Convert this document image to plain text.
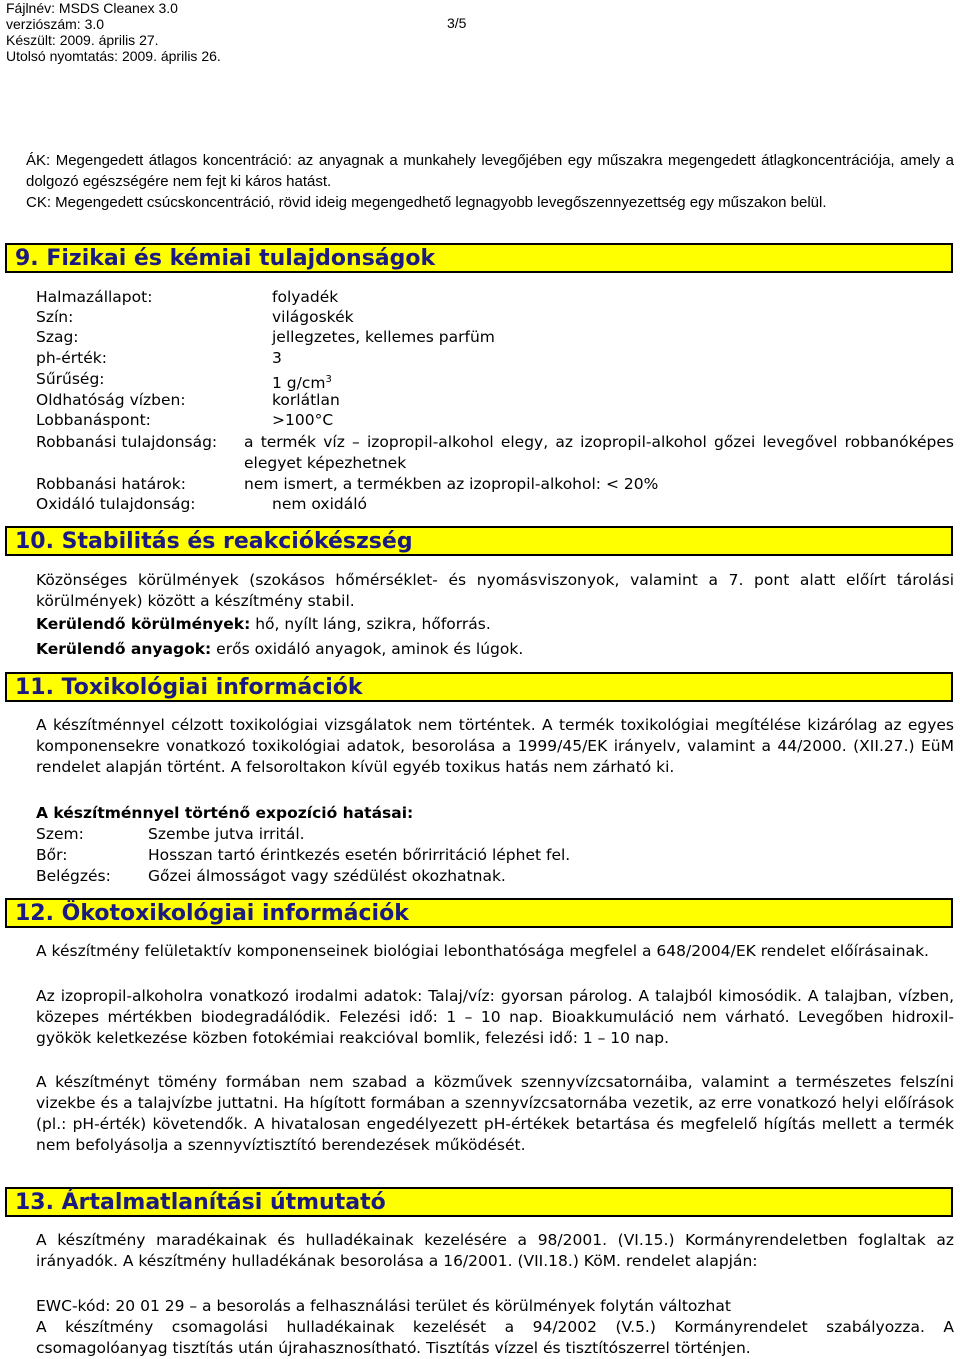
Fájlnév: MSDS Cleanex 3.0
verziószám: 3.0
Készült: 2009. április 27.
Utolsó nyomtatás: 2009. április 26.
3/5
ÁK: Megengedett átlagos koncentráció: az anyagnak a munkahely levegőjében egy műszakra megengedett átlagkoncentrációja, amely a dolgozó egészségére nem fejt ki káros hatást.
CK: Megengedett csúcskoncentráció, rövid ideig megengedhető legnagyobb levegőszennyezettség egy műszakon belül.
9. Fizikai és kémiai tulajdonságok
Halmazállapot:	folyadék
Szín:	világoskék
Szag:	jellegzetes, kellemes parfüm
ph-érték:	3
Sűrűség:	1 $g/cm^3$
Oldhatóság vízben:	korlátlan
Lobbanáspont:	>100°C
Robbanási tulajdonság: a termék víz – izopropil-alkohol elegy, az izopropil-alkohol gőzei levegővel robbanóképes elegyet képezhetnek
Robbanási határok:	nem ismert, a termékben az izopropil-alkohol: < 20%
Oxidáló tulajdonság:	nem oxidáló
10. Stabilitás és reakciókészség
Közönséges körülmények (szokásos hőmérséklet- és nyomásviszonyok, valamint a 7. pont alatt előírt tárolási körülmények) között a készítmény stabil.
Kerülendő körülmények: hő, nyílt láng, szikra, hőforrás.
Kerülendő anyagok: erős oxidáló anyagok, aminok és lúgok.
11. Toxikológiai információk
A készítménnyel célzott toxikológiai vizsgálatok nem történtek. A termék toxikológiai megítélése kizárólag az egyes komponensekre vonatkozó toxikológiai adatok, besorolása a 1999/45/EK irányelv, valamint a 44/2000. (XII.27.) EüM rendelet alapján történt. A felsoroltakon kívül egyéb toxikus hatás nem zárható ki.
A készítménnyel történő expozíció hatásai:
Szem:	Szembe jutva irritál.
Bőr:	Hosszan tartó érintkezés esetén bőrirritáció léphet fel.
Belégzés: Gőzei álmosságot vagy szédülést okozhatnak.
12. Ökotoxikológiai információk
A készítmény felületaktív komponenseinek biológiai lebonthatósága megfelel a 648/2004/EK rendelet előírásainak.
Az izopropil-alkoholra vonatkozó irodalmi adatok: Talaj/víz: gyorsan párolog. A talajból kimosódik. A talajban, vízben, közepes mértékben biodegradálódik. Felezési idő: 1 – 10 nap. Bioakkumuláció nem várható. Levegőben hidroxil-gyökök keletkezése közben fotokémiai reakcióval bomlik, felezési idő: 1 – 10 nap.
A készítményt tömény formában nem szabad a közművek szennyvízcsatornáiba, valamint a természetes felszíni vizekbe és a talajvízbe juttatni. Ha hígított formában a szennyvízcsatornába vezetik, az erre vonatkozó helyi előírások (pl.: pH-érték) követendők. A hivatalosan engedélyezett pH-értékek betartása és megfelelő hígítás mellett a termék nem befolyásolja a szennyvíztisztító berendezések működését.
13. Ártalmatlanítási útmutató
A készítmény maradékainak és hulladékainak kezelésére a 98/2001. (VI.15.) Kormányrendeletben foglaltak az irányadók. A készítmény hulladékának besorolása a 16/2001. (VII.18.) KöM. rendelet alapján:
EWC-kód: 20 01 29 – a besorolás a felhasználási terület és körülmények folytán változhat
A készítmény csomagolási hulladékainak kezelését a 94/2002 (V.5.) Kormányrendelet szabályozza. A csomagolóanyag tisztítás után újrahasznosítható. Tisztítás vízzel és tisztítószerrel történjen.
